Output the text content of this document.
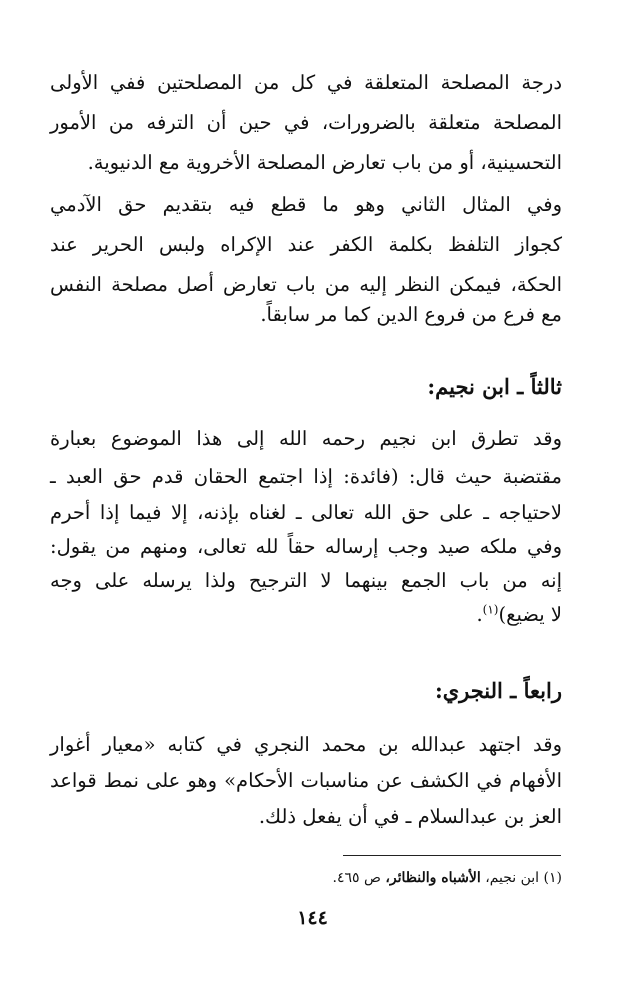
درجة المصلحة المتعلقة في كل من المصلحتين ففي الأولى
المصلحة متعلقة بالضرورات، في حين أن الترفه من الأمور
التحسينية، أو من باب تعارض المصلحة الأخروية مع الدنيوية.
وفي المثال الثاني وهو ما قطع فيه بتقديم حق الآدمي
كجواز التلفظ بكلمة الكفر عند الإكراه ولبس الحرير عند
الحكة، فيمكن النظر إليه من باب تعارض أصل مصلحة النفس
مع فرع من فروع الدين كما مر سابقاً.
ثالثاً ـ ابن نجيم:
وقد تطرق ابن نجيم رحمه الله إلى هذا الموضوع بعبارة
مقتضبة حيث قال: (فائدة: إذا اجتمع الحقان قدم حق العبد ـ
لاحتياجه ـ على حق الله تعالى ـ لغناه بإذنه، إلا فيما إذا أحرم
وفي ملكه صيد وجب إرساله حقاً لله تعالى، ومنهم من يقول:
إنه من باب الجمع بينهما لا الترجيح ولذا يرسله على وجه
لا يضيع)$^{(١)}$.
رابعاً ـ النجري:
وقد اجتهد عبدالله بن محمد النجري في كتابه «معيار أغوار
الأفهام في الكشف عن مناسبات الأحكام» وهو على نمط قواعد
العز بن عبدالسلام ـ في أن يفعل ذلك.
(١) ابن نجيم، الأشباه والنظائر، ص ٤٦٥.
١٤٤
